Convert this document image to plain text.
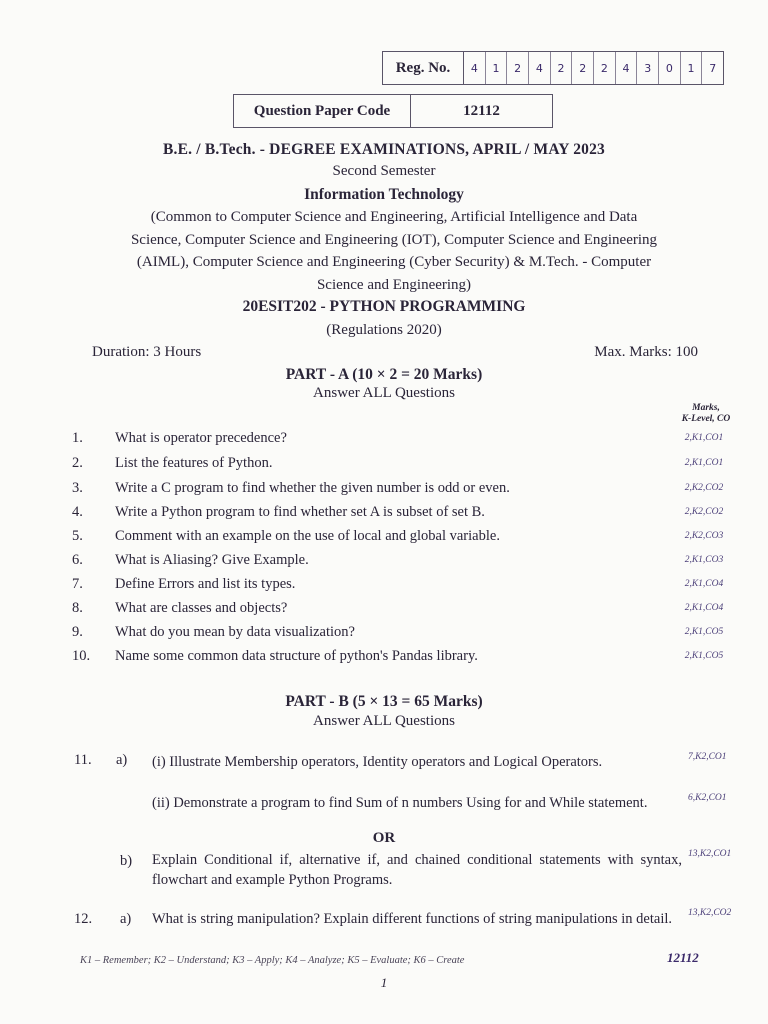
Reg. No.	4	1	2	4	2	2	2	4	3	0	1	7
Question Paper Code	12112
B.E. / B.Tech. - DEGREE EXAMINATIONS, APRIL / MAY 2023
Second Semester
Information Technology
(Common to Computer Science and Engineering, Artificial Intelligence and Data
Science, Computer Science and Engineering (IOT), Computer Science and Engineering
(AIML), Computer Science and Engineering (Cyber Security) & M.Tech. - Computer
Science and Engineering)
20ESIT202 - PYTHON PROGRAMMING
(Regulations 2020)
Duration: 3 Hours	Max. Marks: 100
PART - A (10 × 2 = 20 Marks)
Answer ALL Questions
Marks,
K-Level, CO
1.	What is operator precedence?	2,K1,CO1
2.	List the features of Python.	2,K1,CO1
3.	Write a C program to find whether the given number is odd or even.	2,K2,CO2
4.	Write a Python program to find whether set A is subset of set B.	2,K2,CO2
5.	Comment with an example on the use of local and global variable.	2,K2,CO3
6.	What is Aliasing? Give Example.	2,K1,CO3
7.	Define Errors and list its types.	2,K1,CO4
8.	What are classes and objects?	2,K1,CO4
9.	What do you mean by data visualization?	2,K1,CO5
10. Name some common data structure of python's Pandas library.	2,K1,CO5
PART - B (5 × 13 = 65 Marks)
Answer ALL Questions
11. a) (i) Illustrate Membership operators, Identity operators and Logical Operators.	7,K2,CO1
(ii) Demonstrate a program to find Sum of n numbers Using for and While statement.	6,K2,CO1
OR
b) Explain Conditional if, alternative if, and chained conditional statements with syntax, flowchart and example Python Programs.
13,K2,CO1
12. a) What is string manipulation? Explain different functions of string manipulations in detail.	13,K2,CO2
K1 – Remember; K2 – Understand; K3 – Apply; K4 – Analyze; K5 – Evaluate; K6 – Create	12112
1
